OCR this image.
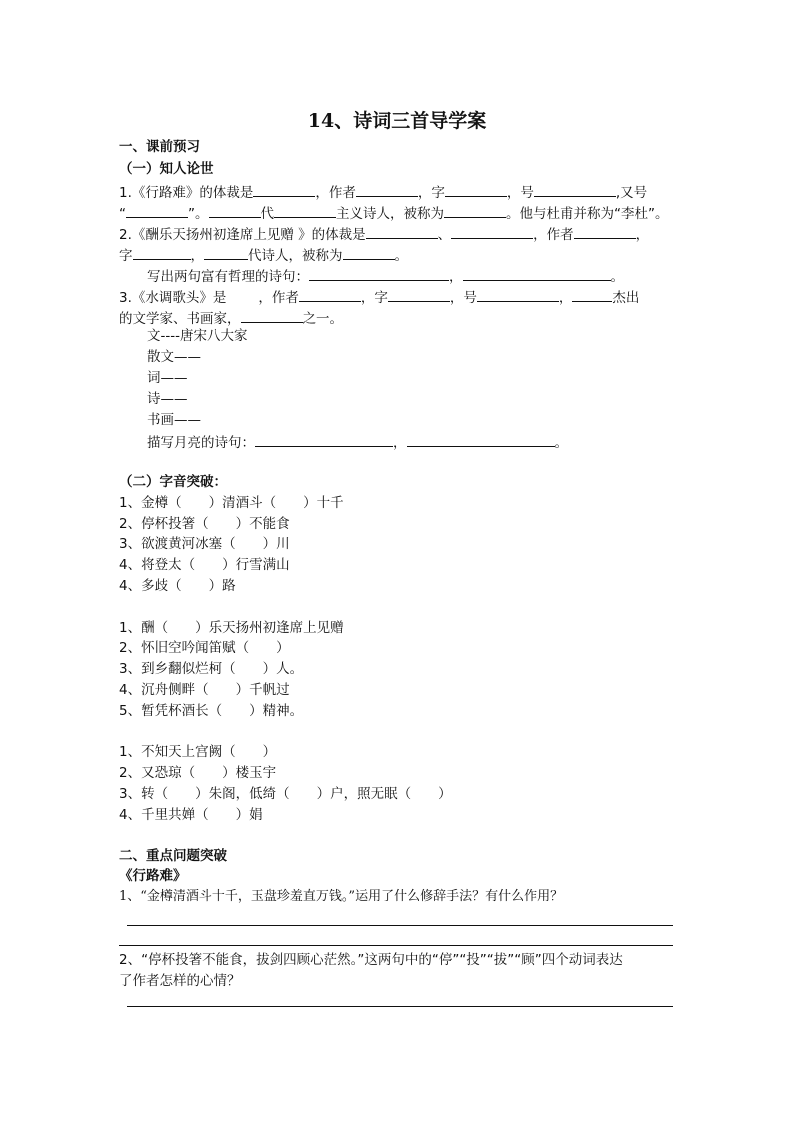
14、诗词三首导学案
一、课前预习
（一）知人论世
1.《行路难》的体裁是	，作者	，字	，号	,又号
“	”。	代	主义诗人，被称为	。他与杜甫并称为“李杜”。
2.《酬乐天扬州初逢席上见赠 》的体裁是	、	，作者	，
字	，	代诗人，被称为	。
写出两句富有哲理的诗句：	，	。
3.《水调歌头》是 ，作者	，字	，号	，	杰出
的文学家、书画家，	之一。
文----唐宋八大家
散文——
词——
诗——
书画——
描写月亮的诗句：	，	。
（二）字音突破：
1、金樽（　　）清酒斗（　　）十千
2、停杯投箸（　　）不能食
3、欲渡黄河冰塞（　　）川
4、将登太（　　）行雪满山
4、多歧（　　）路
1、酬（　　）乐天扬州初逢席上见赠
2、怀旧空吟闻笛赋（　　）
3、到乡翻似烂柯（　　）人。
4、沉舟侧畔（　　）千帆过
5、暂凭杯酒长（　　）精神。
1、不知天上宫阙（　　）
2、又恐琼（　　）楼玉宇
3、转（　　）朱阁，低绮（　　）户，照无眠（　　）
4、千里共婵（　　）娟
二、重点问题突破
《行路难》
1、“金樽清酒斗十千，玉盘珍羞直万钱。”运用了什么修辞手法？有什么作用？
2、“停杯投箸不能食，拔剑四顾心茫然。”这两句中的“停”“投”“拔”“顾”四个动词表达
了作者怎样的心情？
